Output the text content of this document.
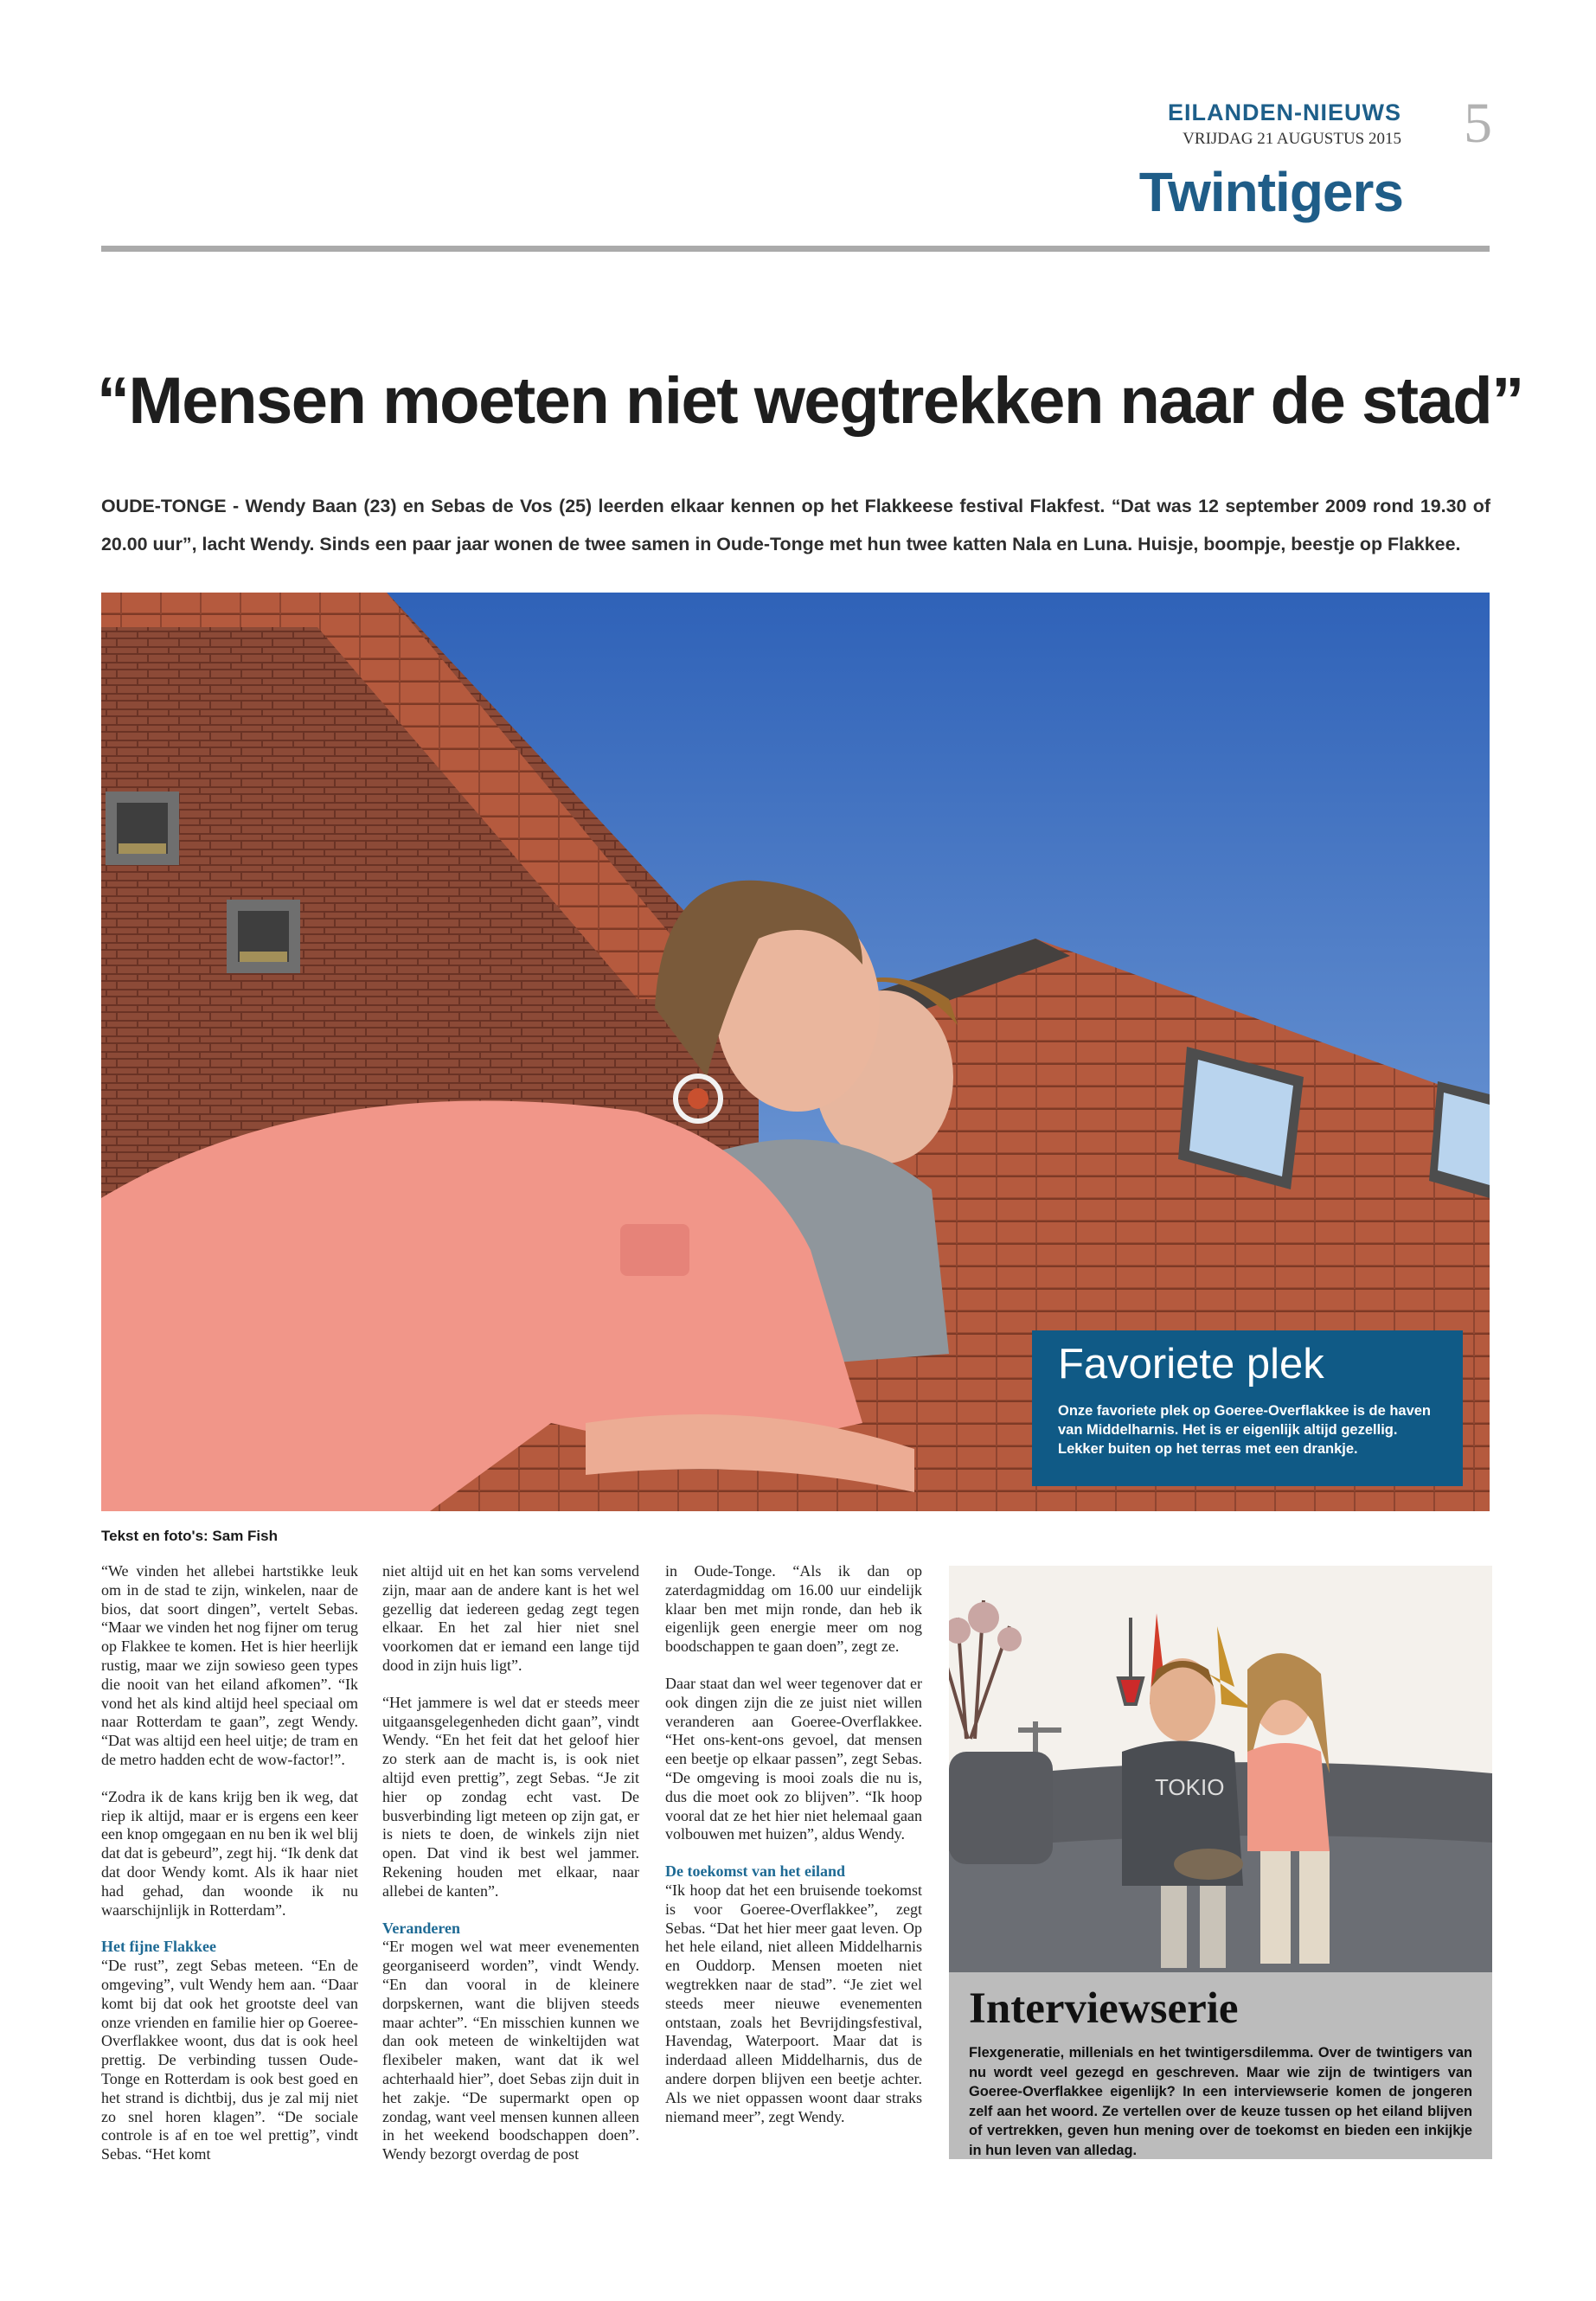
EILANDEN-NIEUWS
VRIJDAG 21 AUGUSTUS 2015 5
Twintigers
“Mensen moeten niet wegtrekken naar de stad”
OUDE-TONGE - Wendy Baan (23) en Sebas de Vos (25) leerden elkaar kennen op het Flakkeese festival Flakfest. “Dat was 12 september 2009 rond 19.30 of 20.00 uur”, lacht Wendy. Sinds een paar jaar wonen de twee samen in Oude-Tonge met hun twee katten Nala en Luna. Huisje, boompje, beestje op Flakkee.
Favoriete plek
Onze favoriete plek op Goeree-Overflakkee is de haven van Middelharnis. Het is er eigenlijk altijd gezellig. Lekker buiten op het terras met een drankje.
Tekst en foto's: Sam Fish

“We vinden het allebei hartstikke leuk om in de stad te zijn, winkelen, naar de bios, dat soort dingen”, vertelt Sebas. “Maar we vinden het nog fijner om terug op Flakkee te komen. Het is hier heerlijk rustig, maar we zijn sowieso geen types die nooit van het eiland afkomen”. “Ik vond het als kind altijd heel speciaal om naar Rotterdam te gaan”, zegt Wendy. “Dat was altijd een heel uitje; de tram en de metro hadden echt de wow-factor!”.

“Zodra ik de kans krijg ben ik weg, dat riep ik altijd, maar er is ergens een keer een knop omgegaan en nu ben ik wel blij dat dat is gebeurd”, zegt hij. “Ik denk dat dat door Wendy komt. Als ik haar niet had gehad, dan woonde ik nu waarschijnlijk in Rotterdam”.

Het fijne Flakkee

“De rust”, zegt Sebas meteen. “En de omgeving”, vult Wendy hem aan. “Daar komt bij dat ook het grootste deel van onze vrienden en familie hier op Goeree-Overflakkee woont, dus dat is ook heel prettig. De verbinding tussen Oude-Tonge en Rotterdam is ook best goed en het strand is dichtbij, dus je zal mij niet zo snel horen klagen”. “De sociale controle is af en toe wel prettig”, vindt Sebas. “Het komt

niet altijd uit en het kan soms vervelend zijn, maar aan de andere kant is het wel gezellig dat iedereen gedag zegt tegen elkaar. En het zal hier niet snel voorkomen dat er iemand een lange tijd dood in zijn huis ligt”.

“Het jammere is wel dat er steeds meer uitgaansgelegenheden dicht gaan”, vindt Wendy. “En het feit dat het geloof hier zo sterk aan de macht is, is ook niet altijd even prettig”, zegt Sebas. “Je zit hier op zondag echt vast. De busverbinding ligt meteen op zijn gat, er is niets te doen, de winkels zijn niet open. Dat vind ik best wel jammer. Rekening houden met elkaar, naar allebei de kanten”.

Veranderen

“Er mogen wel wat meer evenementen georganiseerd worden”, vindt Wendy. “En dan vooral in de kleinere dorpskernen, want die blijven steeds maar achter”. “En misschien kunnen we dan ook meteen de winkeltijden wat flexibeler maken, want dat ik wel achterhaald hier”, doet Sebas zijn duit in het zakje. “De supermarkt open op zondag, want veel mensen kunnen alleen in het weekend boodschappen doen”. Wendy bezorgt overdag de post

in Oude-Tonge. “Als ik dan op zaterdagmiddag om 16.00 uur eindelijk klaar ben met mijn ronde, dan heb ik eigenlijk geen energie meer om nog boodschappen te gaan doen”, zegt ze.

Daar staat dan wel weer tegenover dat er ook dingen zijn die ze juist niet willen veranderen aan Goeree-Overflakkee. “Het ons-kent-ons gevoel, dat mensen een beetje op elkaar passen”, zegt Sebas. “De omgeving is mooi zoals die nu is, dus die moet ook zo blijven”. “Ik hoop vooral dat ze het hier niet helemaal gaan volbouwen met huizen”, aldus Wendy.

De toekomst van het eiland

“Ik hoop dat het een bruisende toekomst is voor Goeree-Overflakkee”, zegt Sebas. “Dat het hier meer gaat leven. Op het hele eiland, niet alleen Middelharnis en Ouddorp. Mensen moeten niet wegtrekken naar de stad”. “Je ziet wel steeds meer nieuwe evenementen ontstaan, zoals het Bevrijdingsfestival, Havendag, Waterpoort. Maar dat is inderdaad alleen Middelharnis, dus de andere dorpen blijven een beetje achter. Als we niet oppassen woont daar straks niemand meer”, zegt Wendy.

TOKIO
Interviewserie
Flexgeneratie, millenials en het twintigersdilemma. Over de twintigers van nu wordt veel gezegd en geschreven. Maar wie zijn de twintigers van Goeree-Overflakkee eigenlijk? In een interviewserie komen de jongeren zelf aan het woord. Ze vertellen over de keuze tussen op het eiland blijven of vertrekken, geven hun mening over de toekomst en bieden een inkijkje in hun leven van alledag.
